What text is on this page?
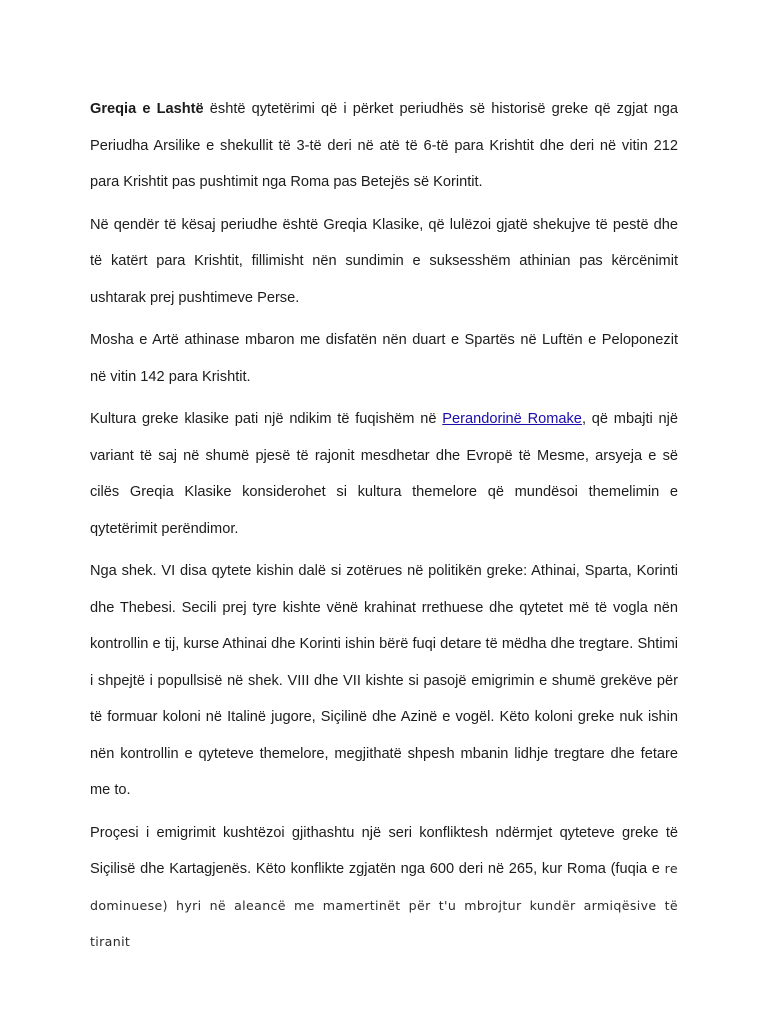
Greqia e Lashtë është qytetërimi që i përket periudhës së historisë greke që zgjat nga Periudha Arsilike e shekullit të 3-të deri në atë të 6-të para Krishtit dhe deri në vitin 212 para Krishtit pas pushtimit nga Roma pas Betejës së Korintit.

Në qendër të kësaj periudhe është Greqia Klasike, që lulëzoi gjatë shekujve të pestë dhe të katërt para Krishtit, fillimisht nën sundimin e suksesshëm athinian pas kërcënimit ushtarak prej pushtimeve Perse.

Mosha e Artë athinase mbaron me disfatën nën duart e Spartës në Luftën e Peloponezit në vitin 142 para Krishtit.

Kultura greke klasike pati një ndikim të fuqishëm në Perandorinë Romake, që mbajti një variant të saj në shumë pjesë të rajonit mesdhetar dhe Evropë të Mesme, arsyeja e së cilës Greqia Klasike konsiderohet si kultura themelore që mundësoi themelimin e qytetërimit perëndimor.

Nga shek. VI disa qytete kishin dalë si zotërues në politikën greke: Athinai, Sparta, Korinti dhe Thebesi. Secili prej tyre kishte vënë krahinat rrethuese dhe qytetet më të vogla nën kontrollin e tij, kurse Athinai dhe Korinti ishin bërë fuqi detare të mëdha dhe tregtare. Shtimi i shpejtë i popullsisë në shek. VIII dhe VII kishte si pasojë emigrimin e shumë grekëve për të formuar koloni në Italinë jugore, Siçilinë dhe Azinë e vogël. Këto koloni greke nuk ishin nën kontrollin e qyteteve themelore, megjithatë shpesh mbanin lidhje tregtare dhe fetare me to.

Proçesi i emigrimit kushtëzoi gjithashtu një seri konfliktesh ndërmjet qyteteve greke të Siçilisë dhe Kartagjenës. Këto konflikte zgjatën nga 600 deri në 265, kur Roma (fuqia e re dominuese) hyri në aleancë me mamertinët për t'u mbrojtur kundër armiqësive të tiranit
